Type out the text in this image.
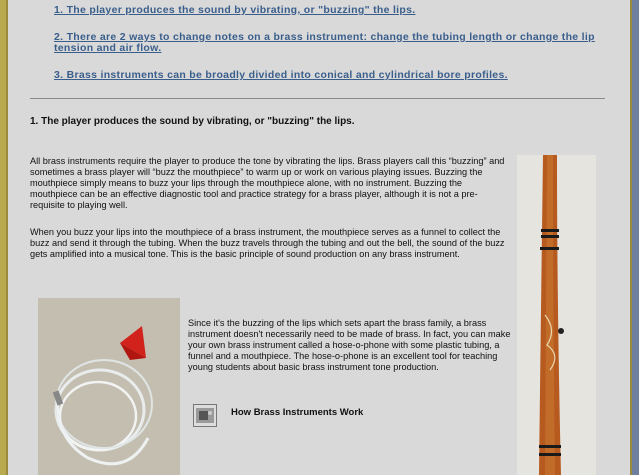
1. The player produces the sound by vibrating, or "buzzing" the lips.
2. There are 2 ways to change notes on a brass instrument: change the tubing length or change the lip tension and air flow.
3. Brass instruments can be broadly divided into conical and cylindrical bore profiles.
1. The player produces the sound by vibrating, or "buzzing" the lips.

All brass instruments require the player to produce the tone by vibrating the lips. Brass players call this “buzzing” and sometimes a brass player will “buzz the mouthpiece” to warm up or work on various playing issues. Buzzing the mouthpiece simply means to buzz your lips through the mouthpiece alone, with no instrument. Buzzing the mouthpiece can be an effective diagnostic tool and practice strategy for a brass player, although it is not a pre-requisite to playing well.

When you buzz your lips into the mouthpiece of a brass instrument, the mouthpiece serves as a funnel to collect the buzz and send it through the tubing. When the buzz travels through the tubing and out the bell, the sound of the buzz gets amplified into a musical tone. This is the basic principle of sound production on any brass instrument.

Since it's the buzzing of the lips which sets apart the brass family, a brass instrument doesn't necessarily need to be made of brass. In fact, you can make your own brass instrument called a hose-o-phone with some plastic tubing, a funnel and a mouthpiece. The hose-o-phone is an excellent tool for teaching young students about basic brass instrument tone production.

How Brass Instruments Work
